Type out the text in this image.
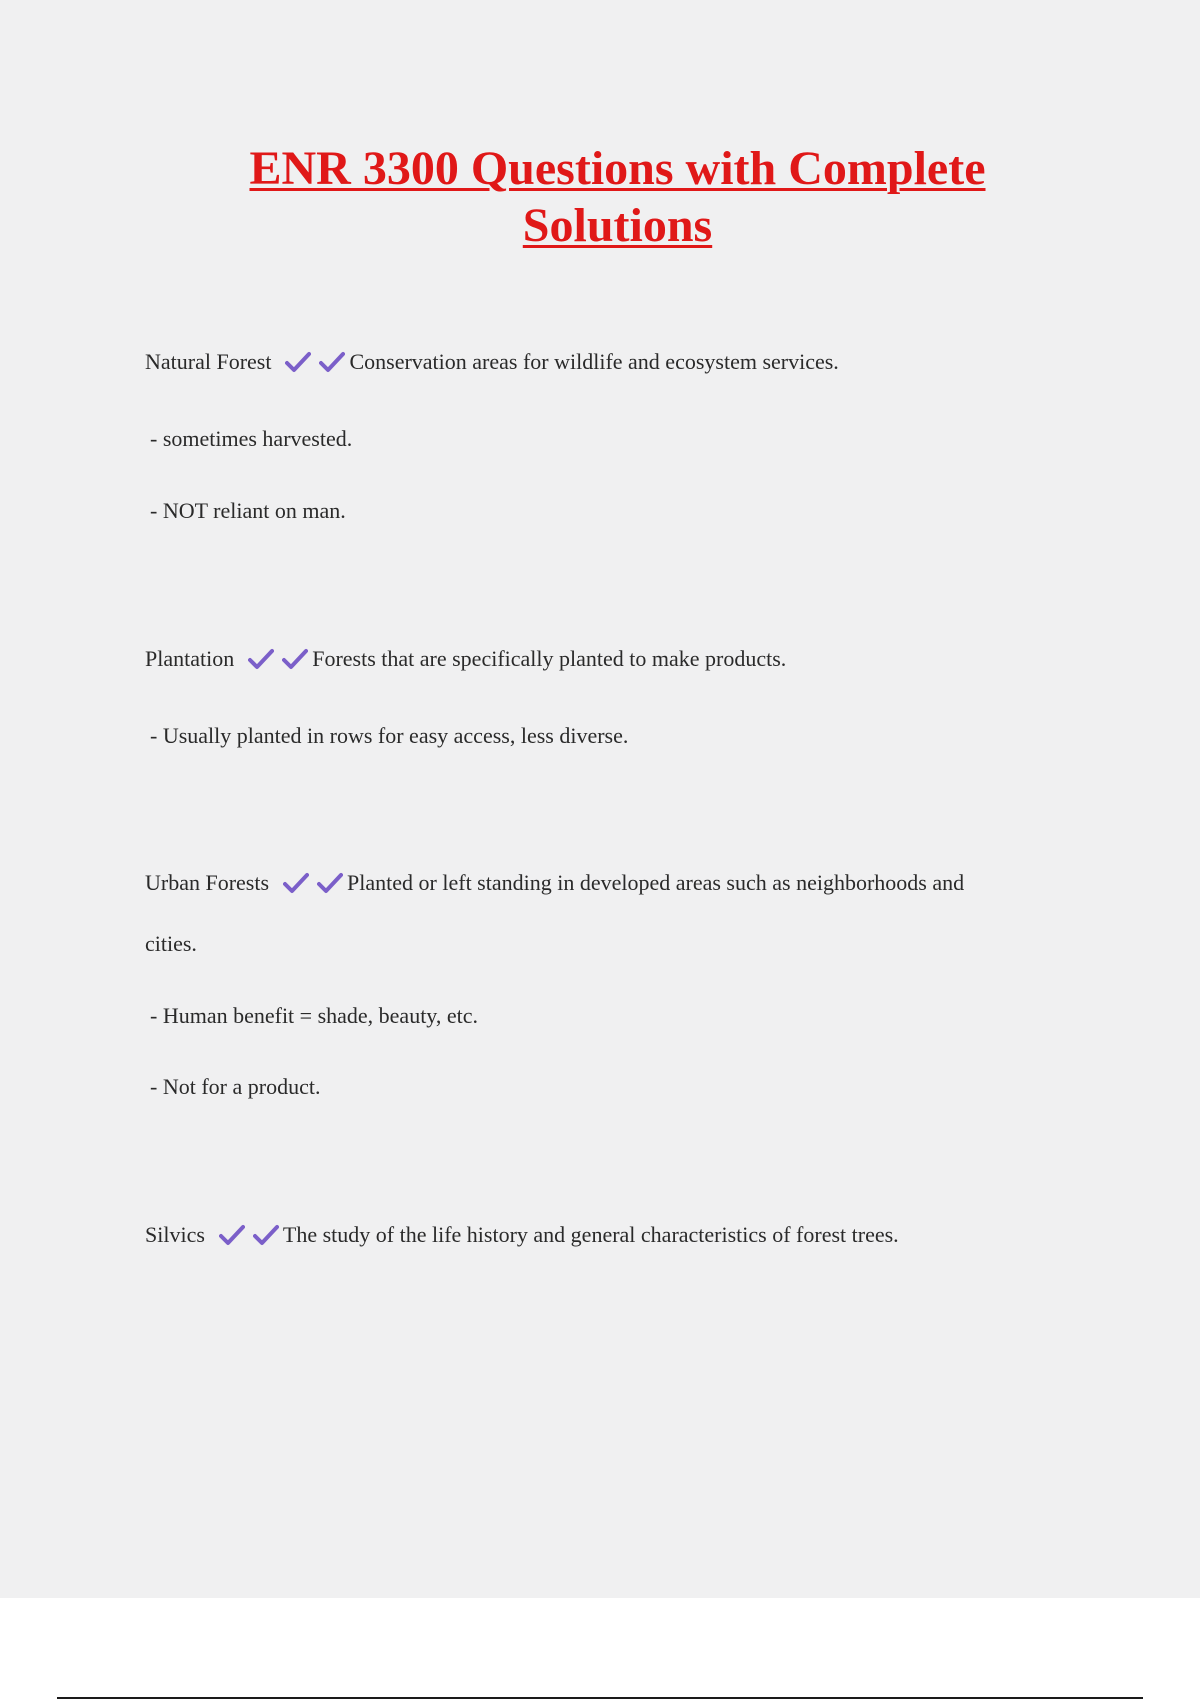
ENR 3300 Questions with Complete
Solutions
Natural Forest	Conservation areas for wildlife and ecosystem services.
- sometimes harvested.
- NOT reliant on man.
Plantation	Forests that are specifically planted to make products.
- Usually planted in rows for easy access, less diverse.
Urban Forests	Planted or left standing in developed areas such as neighborhoods and
cities.
- Human benefit = shade, beauty, etc.
- Not for a product.
Silvics	The study of the life history and general characteristics of forest trees.
